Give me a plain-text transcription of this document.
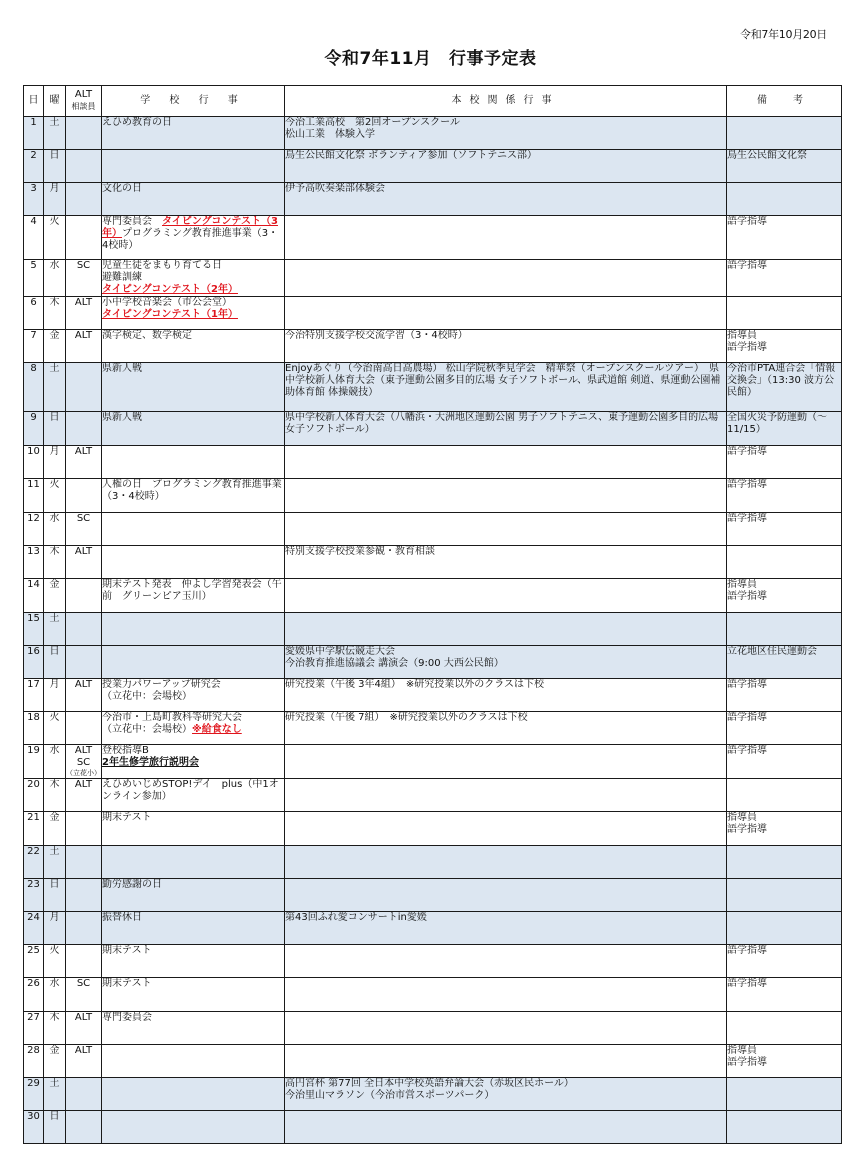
令和7年10月20日
令和7年11月　行事予定表
日	曜	ALT
相談員	学 校 行 事	本校関係行事	備　考
1	土		えひめ教育の日	今治工業高校　第2回オープンスクール
松山工業　体験入学	

2	日			鳥生公民館文化祭 ボランティア参加（ソフトテニス部）	鳥生公民館文化祭

3	月		文化の日	伊予高吹奏楽部体験会	

4	火		専門委員会　タイピングコンテスト（3年）プログラミング教育推進事業（3・4校時）		語学指導

5	水	SC	児童生徒をまもり育てる日
避難訓練　タイピングコンテスト（2年）		語学指導

6	木	ALT	小中学校音楽会（市公会堂）
タイピングコンテスト（1年）	

7	金	ALT	漢字検定、数学検定	今治特別支援学校交流学習（3・4校時）	指導員
語学指導

8	土		県新人戦	Enjoyあぐり（今治南高日高農場） 松山学院秋季見学会　精華祭（オープンスクールツアー）　県中学校新人体育大会（東予運動公園多目的広場 女子ソフトボール、県武道館 剣道、県運動公園補助体育館 体操競技）	今治市PTA連合会「情報交換会」（13:30 波方公民館）

9	日		県新人戦	県中学校新人体育大会（八幡浜・大洲地区運動公園 男子ソフトテニス、東予運動公園多目的広場 女子ソフトボール）	全国火災予防運動（～11/15）

10	月	ALT			語学指導

11	火		人権の日　プログラミング教育推進事業（3・4校時）		語学指導

12	水	SC			語学指導

13	木	ALT		特別支援学校授業参観・教育相談	

14	金		期末テスト発表　仲よし学習発表会（午前　グリーンピア玉川）		指導員
語学指導

15	土	

16	日			愛媛県中学駅伝競走大会
今治教育推進協議会 講演会（9:00 大西公民館）	立花地区住民運動会

17	月	ALT	授業力パワーアップ研究会
（立花中：会場校）	研究授業（午後 3年4組）　※研究授業以外のクラスは下校	語学指導

18	火		今治市・上島町教科等研究大会
（立花中：会場校）※給食なし	研究授業（午後 7組）　※研究授業以外のクラスは下校	語学指導

19	水	ALT
SC
（立花小）	登校指導B
2年生修学旅行説明会		語学指導

20	木	ALT	えひめいじめSTOP!デイ　plus（中1オンライン参加）		

21	金		期末テスト		指導員
語学指導

22	土	

23	日		勤労感謝の日		

24	月		振替休日	第43回ふれ愛コンサートin愛媛	

25	火		期末テスト		語学指導

26	水	SC	期末テスト		語学指導

27	木	ALT	専門委員会		

28	金	ALT			指導員
語学指導

29	土			高円宮杯 第77回 全日本中学校英語弁論大会（赤坂区民ホール）
今治里山マラソン（今治市営スポーツパーク）	

30	日	
